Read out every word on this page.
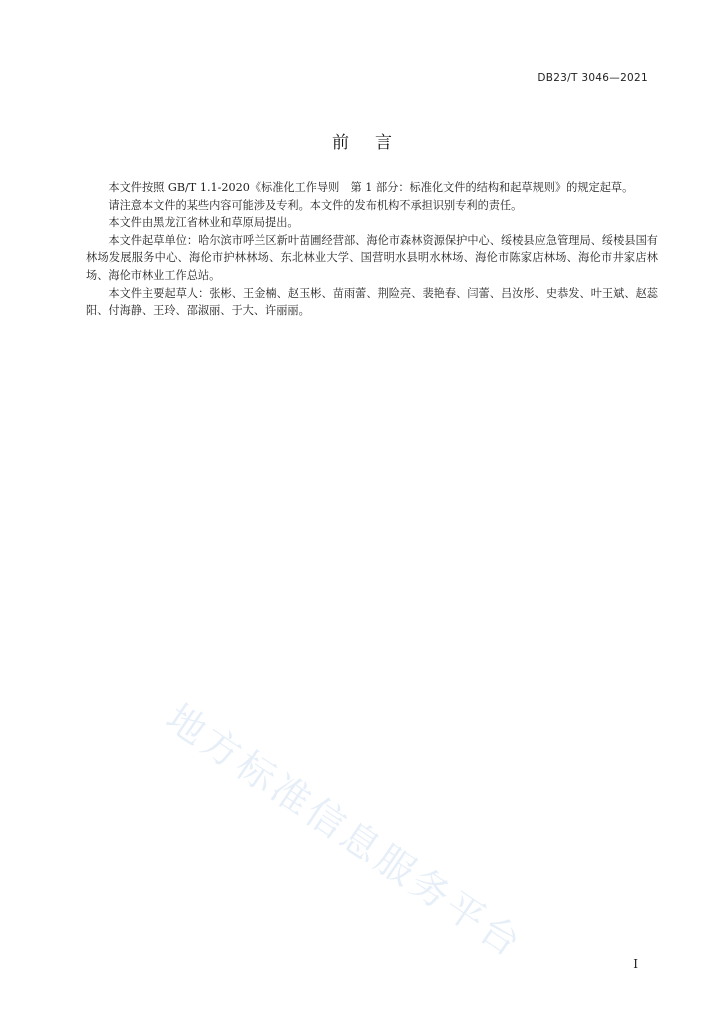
DB23/T 3046—2021
前言

本文件按照 GB/T 1.1-2020《标准化工作导则　第 1 部分：标准化文件的结构和起草规则》的规定起草。

请注意本文件的某些内容可能涉及专利。本文件的发布机构不承担识别专利的责任。

本文件由黑龙江省林业和草原局提出。

本文件起草单位：哈尔滨市呼兰区新叶苗圃经营部、海伦市森林资源保护中心、绥棱县应急管理局、绥棱县国有林场发展服务中心、海伦市护林林场、东北林业大学、国营明水县明水林场、海伦市陈家店林场、海伦市井家店林场、海伦市林业工作总站。

本文件主要起草人：张彬、王金楠、赵玉彬、苗雨蕾、荆险亮、裴艳春、闫蕾、吕汝彤、史恭发、叶王斌、赵蕊阳、付海静、王玲、邵淑丽、于大、许丽丽。

地方标准信息服务平台	I
